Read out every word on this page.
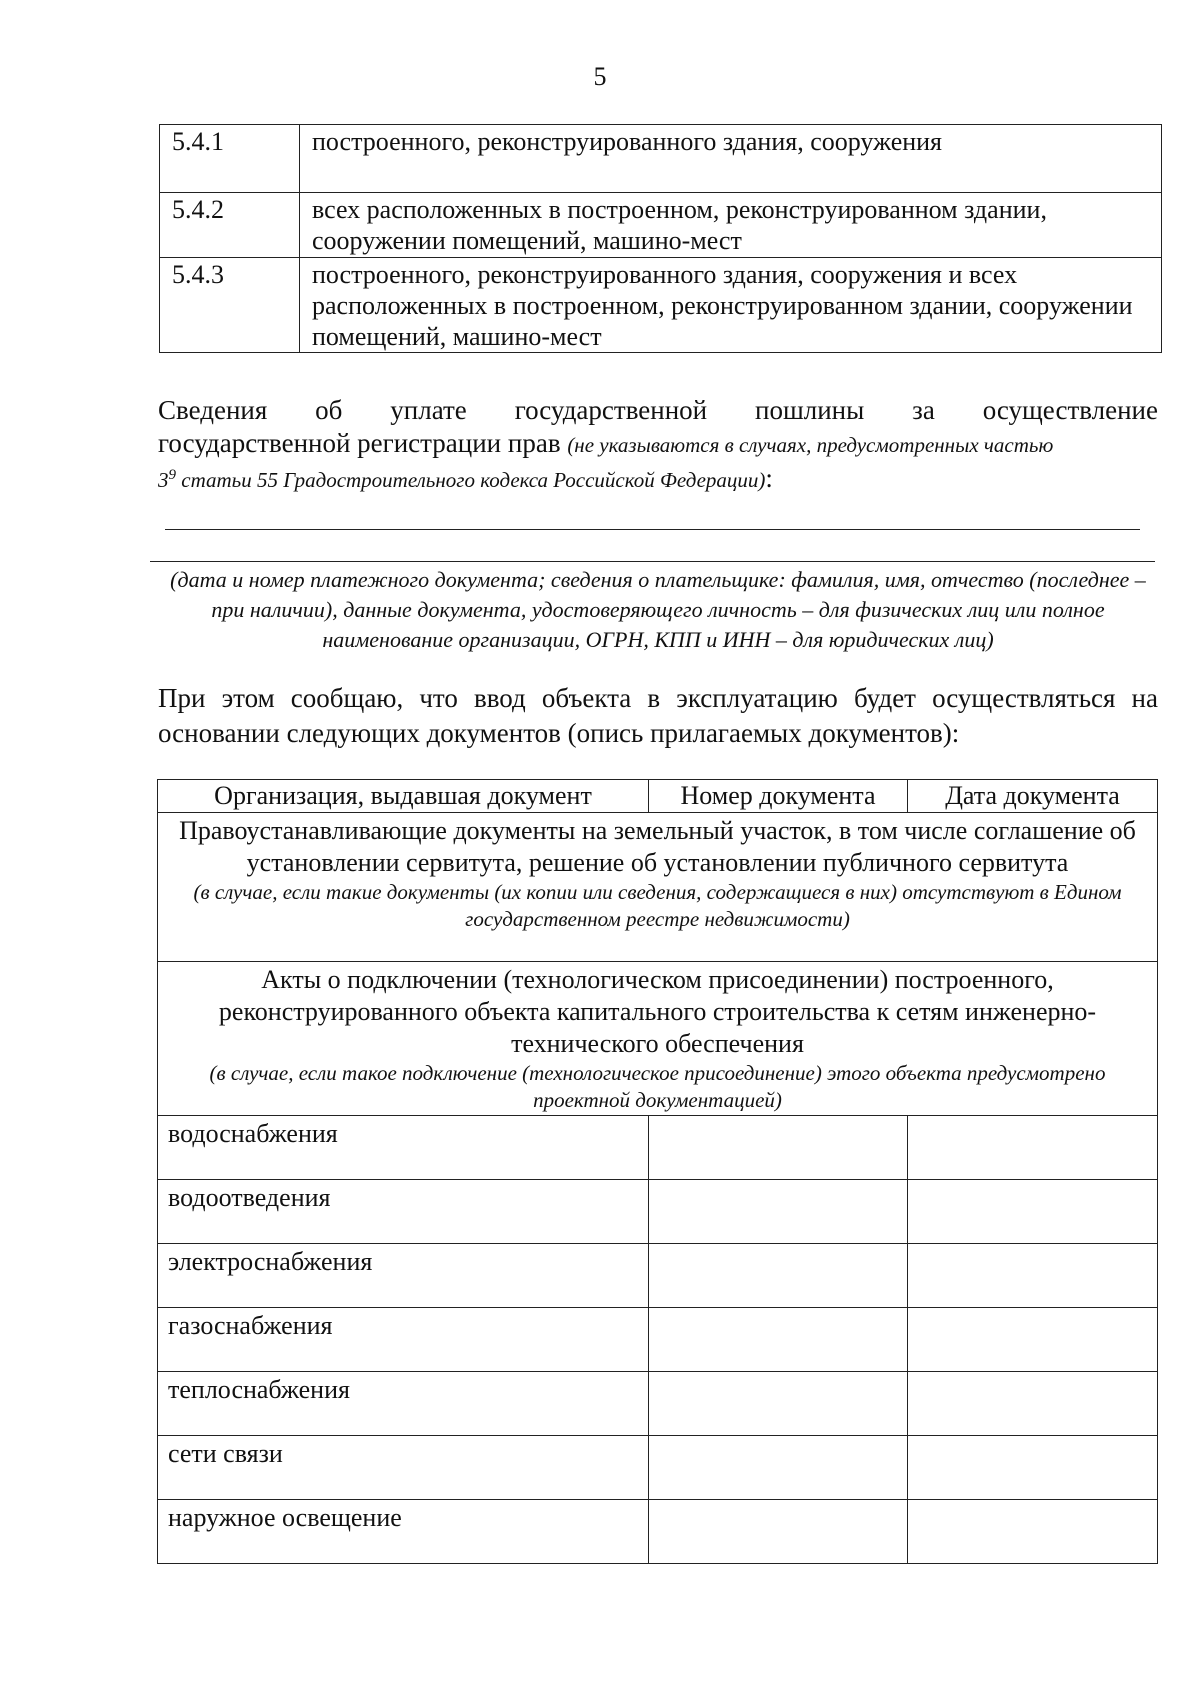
5
5.4.1	построенного, реконструированного здания, сооружения
5.4.2	всех расположенных в построенном, реконструированном здании, сооружении помещений, машино-мест
5.4.3	построенного, реконструированного здания, сооружения и всех расположенных в построенном, реконструированном здании, сооружении помещений, машино-мест
Сведения об уплате государственной пошлины за осуществление
государственной регистрации прав (не указываются в случаях, предусмотренных частью
$3^9$ статьи 55 Градостроительного кодекса Российской Федерации):
(дата и номер платежного документа; сведения о плательщике: фамилия, имя, отчество (последнее – при наличии), данные документа, удостоверяющего личность – для физических лиц или полное наименование организации, ОГРН, КПП и ИНН – для юридических лиц)
При этом сообщаю, что ввод объекта в эксплуатацию будет осуществляться на основании следующих документов (опись прилагаемых документов):
Организация, выдавшая документ	Номер документа	Дата документа

Правоустанавливающие документы на земельный участок, в том числе соглашение об установлении сервитута, решение об установлении публичного сервитута
(в случае, если такие документы (их копии или сведения, содержащиеся в них) отсутствуют в Едином государственном реестре недвижимости)		

Акты о подключении (технологическом присоединении) построенного, реконструированного объекта капитального строительства к сетям инженерно-технического обеспечения
(в случае, если такое подключение (технологическое присоединение) этого объекта предусмотрено проектной документацией)		

водоснабжения		
водоотведения		
электроснабжения		
газоснабжения		
теплоснабжения		
сети связи		
наружное освещение		
